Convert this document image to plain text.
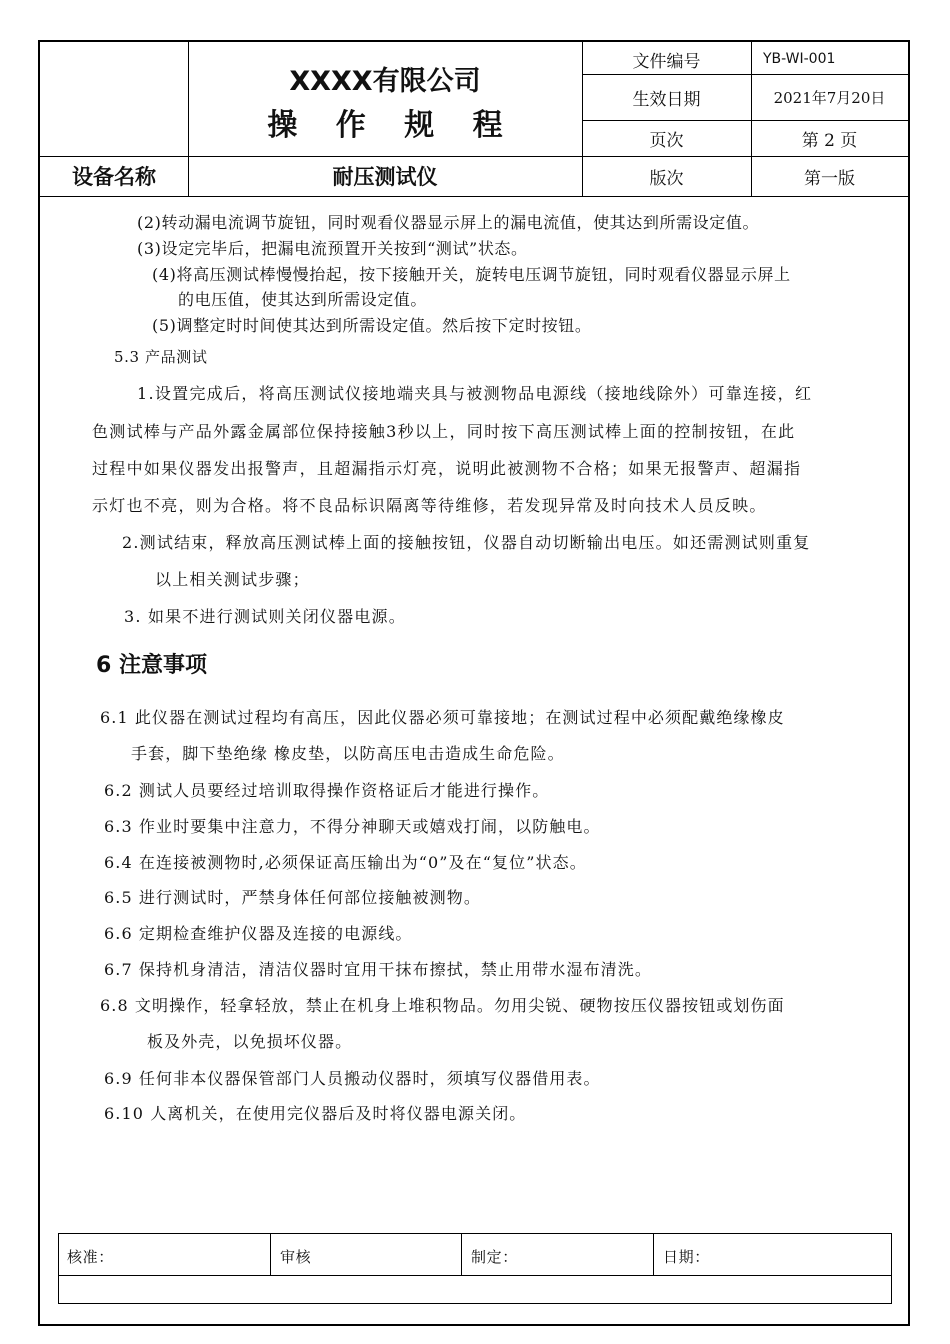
XXXX有限公司
操 作 规 程
文件编号	YB-WI-001
生效日期	2021年7月20日
页次	第 2 页
设备名称	耐压测试仪	版次	第一版
(2)转动漏电流调节旋钮，同时观看仪器显示屏上的漏电流值，使其达到所需设定值。
(3)设定完毕后，把漏电流预置开关按到“测试”状态。
(4)将高压测试棒慢慢抬起，按下接触开关，旋转电压调节旋钮，同时观看仪器显示屏上
的电压值，使其达到所需设定值。
(5)调整定时时间使其达到所需设定值。然后按下定时按钮。
5.3 产品测试
1.设置完成后，将高压测试仪接地端夹具与被测物品电源线（接地线除外）可靠连接，红
色测试棒与产品外露金属部位保持接触3秒以上，同时按下高压测试棒上面的控制按钮，在此
过程中如果仪器发出报警声，且超漏指示灯亮，说明此被测物不合格；如果无报警声、超漏指
示灯也不亮，则为合格。将不良品标识隔离等待维修，若发现异常及时向技术人员反映。
2.测试结束，释放高压测试棒上面的接触按钮，仪器自动切断输出电压。如还需测试则重复
以上相关测试步骤；
3. 如果不进行测试则关闭仪器电源。
6 注意事项
6.1 此仪器在测试过程均有高压，因此仪器必须可靠接地；在测试过程中必须配戴绝缘橡皮
手套，脚下垫绝缘 橡皮垫，以防高压电击造成生命危险。
6.2 测试人员要经过培训取得操作资格证后才能进行操作。
6.3 作业时要集中注意力，不得分神聊天或嬉戏打闹，以防触电。
6.4 在连接被测物时,必须保证高压输出为“0”及在“复位”状态。
6.5 进行测试时，严禁身体任何部位接触被测物。
6.6 定期检查维护仪器及连接的电源线。
6.7 保持机身清洁，清洁仪器时宜用干抹布擦拭，禁止用带水湿布清洗。
6.8 文明操作，轻拿轻放，禁止在机身上堆积物品。勿用尖锐、硬物按压仪器按钮或划伤面
板及外壳，以免损坏仪器。
6.9 任何非本仪器保管部门人员搬动仪器时，须填写仪器借用表。
6.10 人离机关，在使用完仪器后及时将仪器电源关闭。
核准：	审核	制定：	日期：
